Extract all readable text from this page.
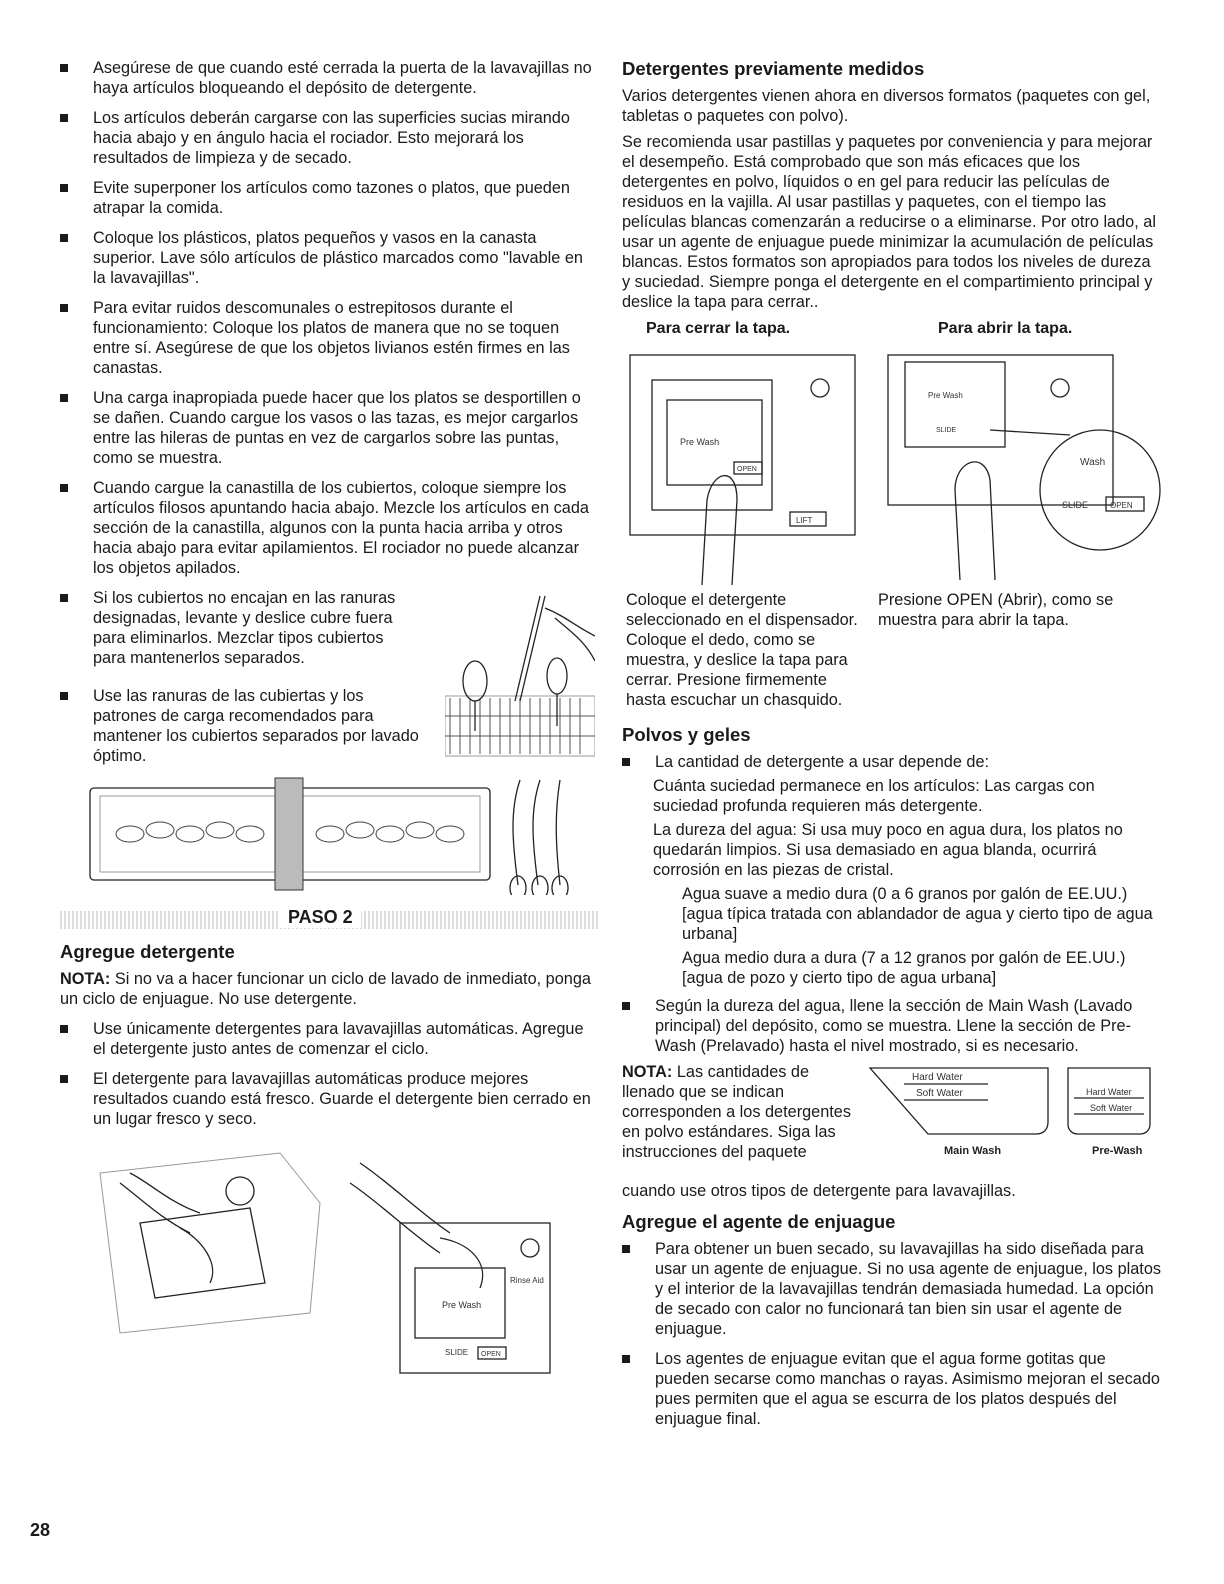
Asegúrese de que cuando esté cerrada la puerta de la lavavajillas no haya artículos bloqueando el depósito de detergente.
Los artículos deberán cargarse con las superficies sucias mirando hacia abajo y en ángulo hacia el rociador. Esto mejorará los resultados de limpieza y de secado.
Evite superponer los artículos como tazones o platos, que pueden atrapar la comida.
Coloque los plásticos, platos pequeños y vasos en la canasta superior. Lave sólo artículos de plástico marcados como "lavable en la lavavajillas".
Para evitar ruidos descomunales o estrepitosos durante el funcionamiento: Coloque los platos de manera que no se toquen entre sí. Asegúrese de que los objetos livianos estén firmes en las canastas.
Una carga inapropiada puede hacer que los platos se desportillen o se dañen. Cuando cargue los vasos o las tazas, es mejor cargarlos entre las hileras de puntas en vez de cargarlos sobre las puntas, como se muestra.
Cuando cargue la canastilla de los cubiertos, coloque siempre los artículos filosos apuntando hacia abajo. Mezcle los artículos en cada sección de la canastilla, algunos con la punta hacia arriba y otros hacia abajo para evitar apilamientos. El rociador no puede alcanzar los objetos apilados.
Si los cubiertos no encajan en las ranuras designadas, levante y deslice cubre fuera para eliminarlos. Mezclar tipos cubiertos para mantenerlos separados.
Use las ranuras de las cubiertas y los patrones de carga recomendados para mantener los cubiertos separados por lavado óptimo.
PASO 2
Agregue detergente

NOTA: Si no va a hacer funcionar un ciclo de lavado de inmediato, ponga un ciclo de enjuague. No use detergente.

Use únicamente detergentes para lavavajillas automáticas. Agregue el detergente justo antes de comenzar el ciclo.
El detergente para lavavajillas automáticas produce mejores resultados cuando está fresco. Guarde el detergente bien cerrado en un lugar fresco y seco.
Pre Wash
Rinse Aid
SLIDE OPEN
Detergentes previamente medidos

Varios detergentes vienen ahora en diversos formatos (paquetes con gel, tabletas o paquetes con polvo).

Se recomienda usar pastillas y paquetes por conveniencia y para mejorar el desempeño. Está comprobado que son más eficaces que los detergentes en polvo, líquidos o en gel para reducir las películas de residuos en la vajilla. Al usar pastillas y paquetes, con el tiempo las películas blancas comenzarán a reducirse o a eliminarse. Por otro lado, al usar un agente de enjuague puede minimizar la acumulación de películas blancas. Estos formatos son apropiados para todos los niveles de dureza y suciedad. Siempre ponga el detergente en el compartimiento principal y deslice la tapa para cerrar..

Para cerrar la tapa.	Para abrir la tapa.
Pre Wash
OPEN
LIFT
Pre Wash
SLIDE
Wash
SLIDE	OPEN

Coloque el detergente seleccionado en el dispensador. Coloque el dedo, como se muestra, y deslice la tapa para cerrar. Presione firmemente hasta escuchar un chasquido.

Presione OPEN (Abrir), como se muestra para abrir la tapa.

Polvos y geles
La cantidad de detergente a usar depende de:

Cuánta suciedad permanece en los artículos: Las cargas con suciedad profunda requieren más detergente.

La dureza del agua: Si usa muy poco en agua dura, los platos no quedarán limpios. Si usa demasiado en agua blanda, ocurrirá corrosión en las piezas de cristal.

Agua suave a medio dura (0 a 6 granos por galón de EE.UU.)

[agua típica tratada con ablandador de agua y cierto tipo de agua urbana]

Agua medio dura a dura (7 a 12 granos por galón de EE.UU.)

[agua de pozo y cierto tipo de agua urbana]

Según la dureza del agua, llene la sección de Main Wash (Lavado principal) del depósito, como se muestra. Llene la sección de Pre-Wash (Prelavado) hasta el nivel mostrado, si es necesario.

NOTA: Las cantidades de llenado que se indican corresponden a los detergentes en polvo estándares. Siga las instrucciones del paquete

Hard Water
Soft Water
Main Wash
Hard Water
Soft Water
Pre-Wash

cuando use otros tipos de detergente para lavavajillas.

Agregue el agente de enjuague
Para obtener un buen secado, su lavavajillas ha sido diseñada para usar un agente de enjuague. Si no usa agente de enjuague, los platos y el interior de la lavavajillas tendrán demasiada humedad. La opción de secado con calor no funcionará tan bien sin usar el agente de enjuague.
Los agentes de enjuague evitan que el agua forme gotitas que pueden secarse como manchas o rayas. Asimismo mejoran el secado pues permiten que el agua se escurra de los platos después del enjuague final.
28
